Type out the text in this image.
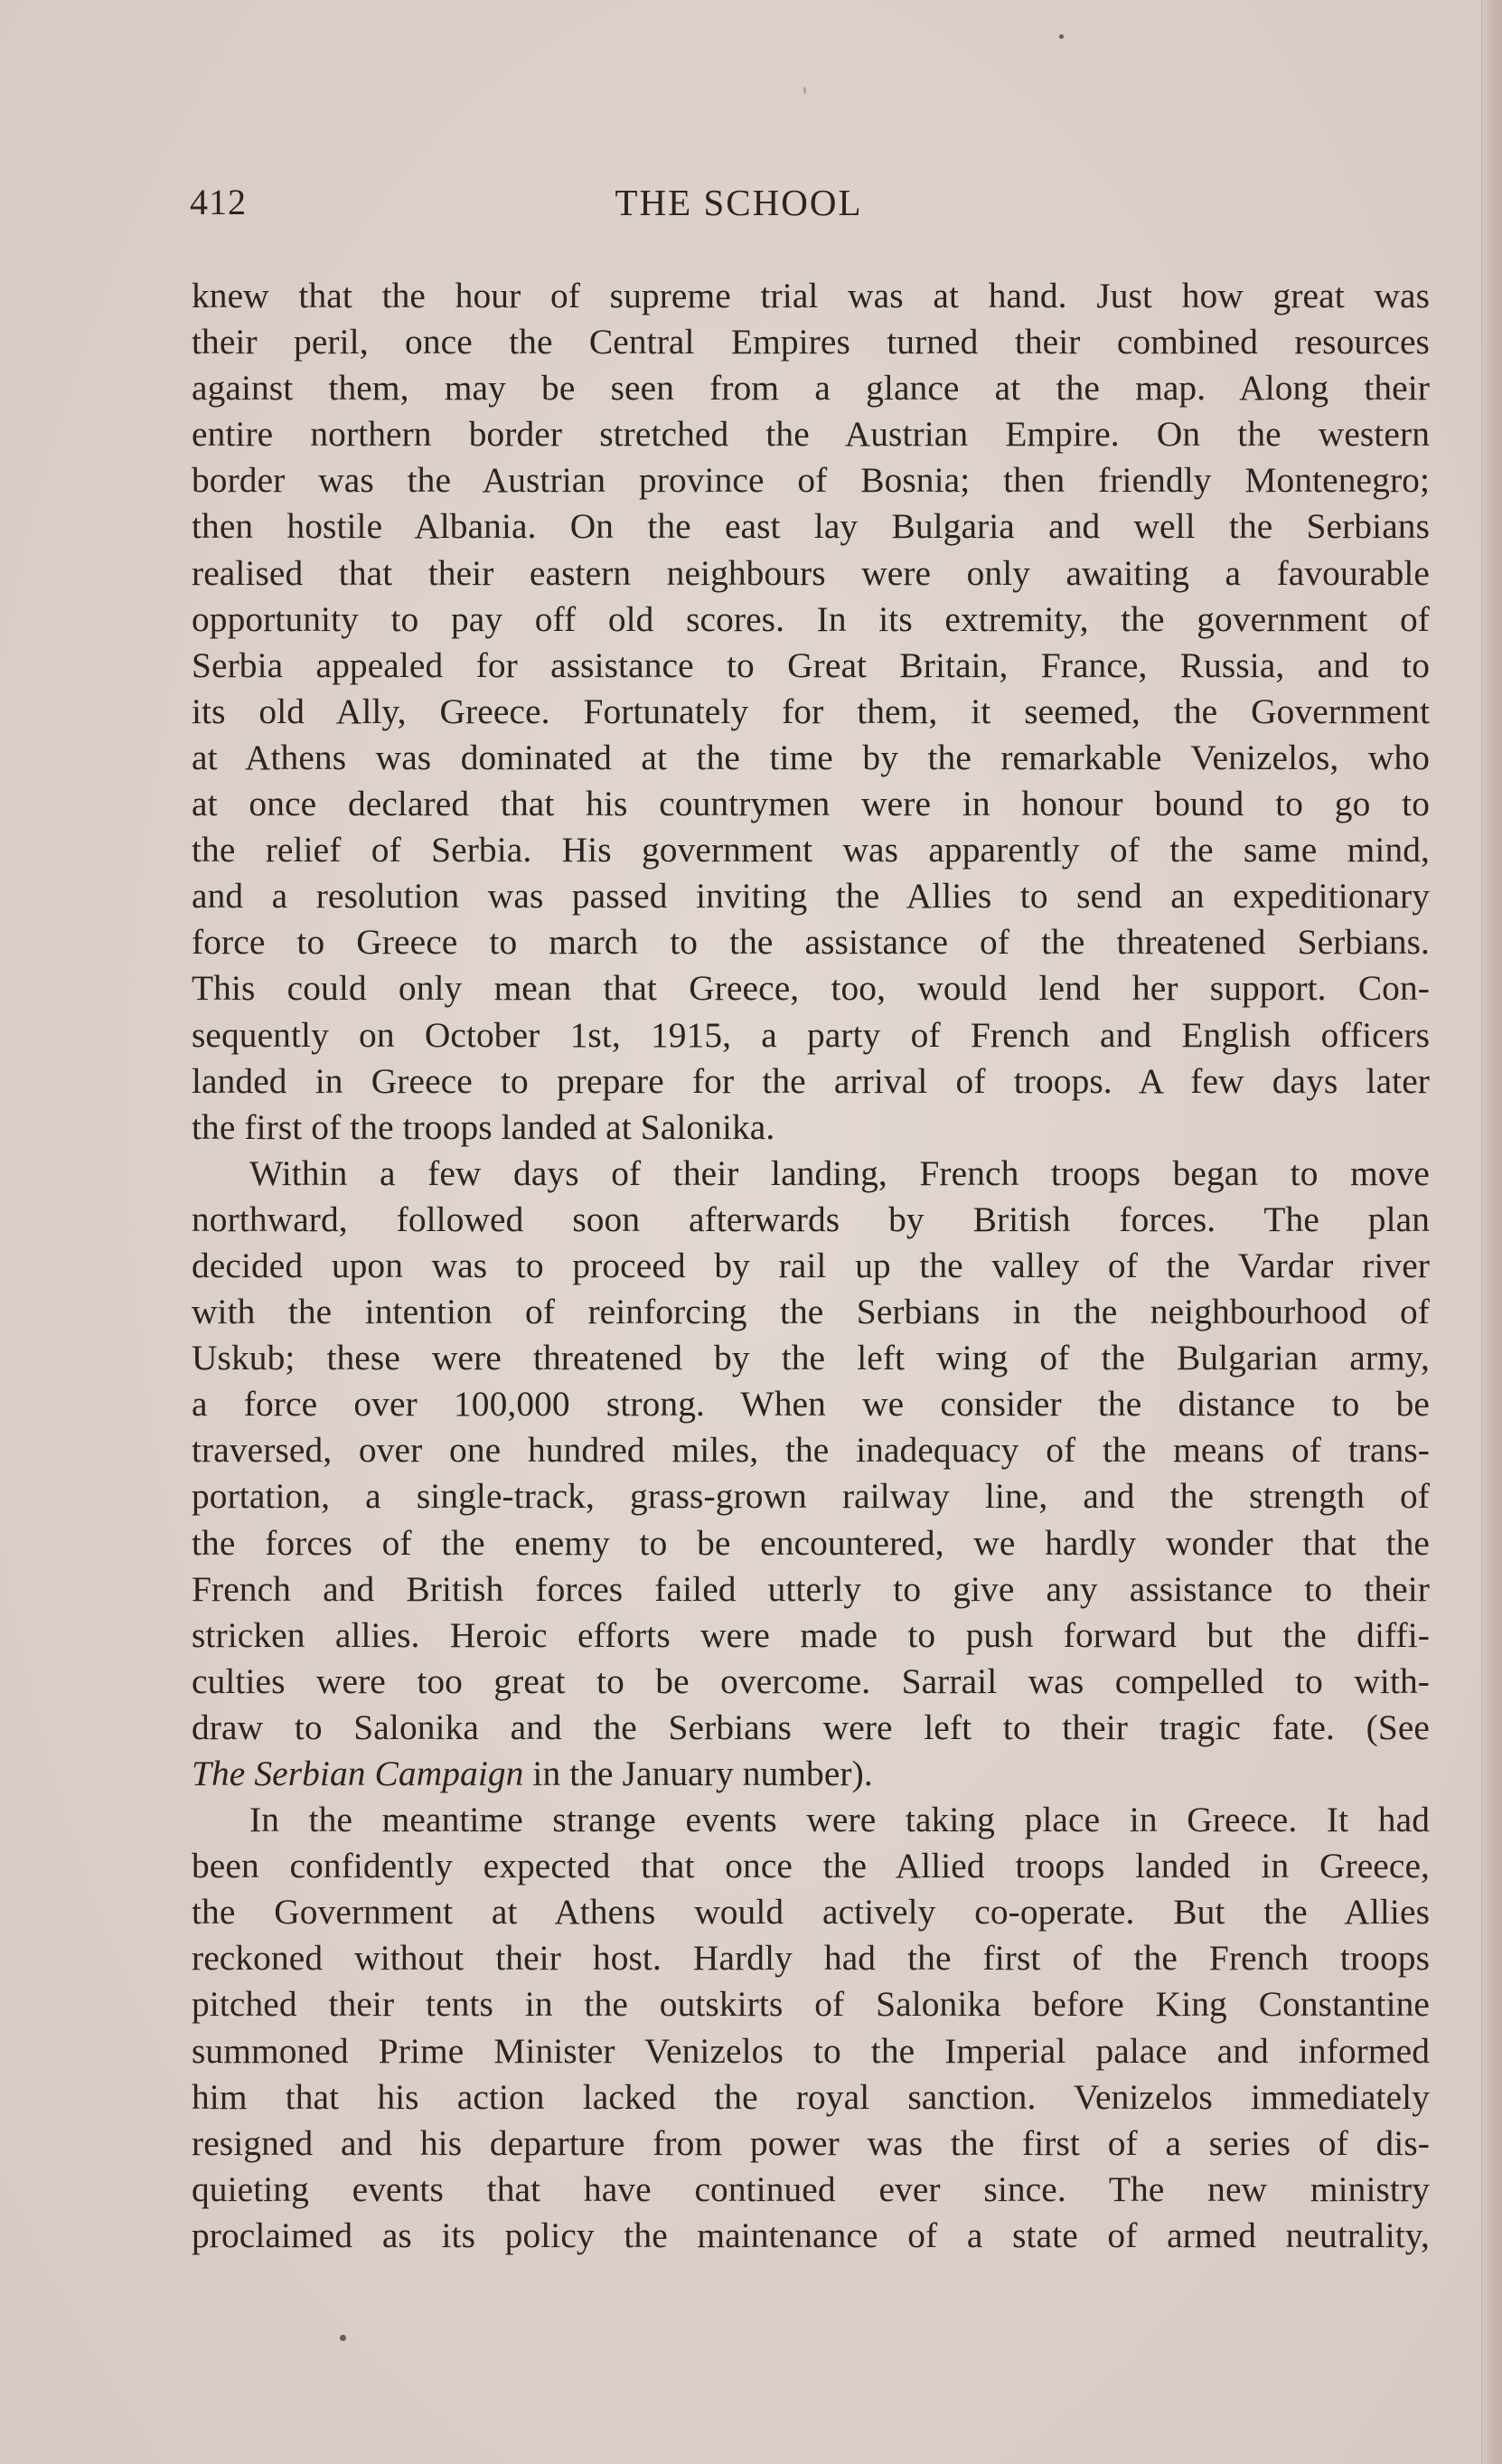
412	THE SCHOOL
knew that the hour of supreme trial was at hand. Just how great was
their peril, once the Central Empires turned their combined resources
against them, may be seen from a glance at the map. Along their
entire northern border stretched the Austrian Empire. On the western
border was the Austrian province of Bosnia; then friendly Montenegro;
then hostile Albania. On the east lay Bulgaria and well the Serbians
realised that their eastern neighbours were only awaiting a favourable
opportunity to pay off old scores. In its extremity, the government of
Serbia appealed for assistance to Great Britain, France, Russia, and to
its old Ally, Greece. Fortunately for them, it seemed, the Government
at Athens was dominated at the time by the remarkable Venizelos, who
at once declared that his countrymen were in honour bound to go to
the relief of Serbia. His government was apparently of the same mind,
and a resolution was passed inviting the Allies to send an expeditionary
force to Greece to march to the assistance of the threatened Serbians.
This could only mean that Greece, too, would lend her support. Con-
sequently on October 1st, 1915, a party of French and English officers
landed in Greece to prepare for the arrival of troops. A few days later
the first of the troops landed at Salonika.
Within a few days of their landing, French troops began to move
northward, followed soon afterwards by British forces. The plan
decided upon was to proceed by rail up the valley of the Vardar river
with the intention of reinforcing the Serbians in the neighbourhood of
Uskub; these were threatened by the left wing of the Bulgarian army,
a force over 100,000 strong. When we consider the distance to be
traversed, over one hundred miles, the inadequacy of the means of trans-
portation, a single-track, grass-grown railway line, and the strength of
the forces of the enemy to be encountered, we hardly wonder that the
French and British forces failed utterly to give any assistance to their
stricken allies. Heroic efforts were made to push forward but the diffi-
culties were too great to be overcome. Sarrail was compelled to with-
draw to Salonika and the Serbians were left to their tragic fate. (See
The Serbian Campaign in the January number).
In the meantime strange events were taking place in Greece. It had
been confidently expected that once the Allied troops landed in Greece,
the Government at Athens would actively co-operate. But the Allies
reckoned without their host. Hardly had the first of the French troops
pitched their tents in the outskirts of Salonika before King Constantine
summoned Prime Minister Venizelos to the Imperial palace and informed
him that his action lacked the royal sanction. Venizelos immediately
resigned and his departure from power was the first of a series of dis-
quieting events that have continued ever since. The new ministry
proclaimed as its policy the maintenance of a state of armed neutrality,
